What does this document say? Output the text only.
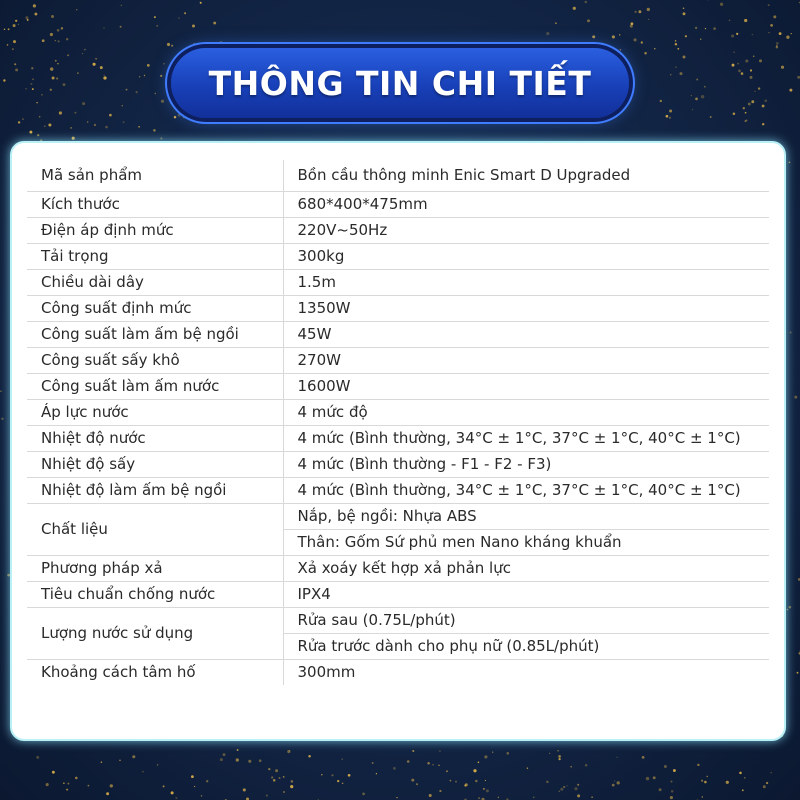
THÔNG TIN CHI TIẾT
Mã sản phẩm	Bồn cầu thông minh Enic Smart D Upgraded
Kích thước	680*400*475mm
Điện áp định mức	220V~50Hz
Tải trọng	300kg
Chiều dài dây	1.5m
Công suất định mức	1350W
Công suất làm ấm bệ ngồi	45W
Công suất sấy khô	270W
Công suất làm ấm nước	1600W
Áp lực nước	4 mức độ
Nhiệt độ nước	4 mức (Bình thường, 34°C ± 1°C, 37°C ± 1°C, 40°C ± 1°C)
Nhiệt độ sấy	4 mức (Bình thường - F1 - F2 - F3)
Nhiệt độ làm ấm bệ ngồi	4 mức (Bình thường, 34°C ± 1°C, 37°C ± 1°C, 40°C ± 1°C)
Chất liệu	Nắp, bệ ngồi: Nhựa ABS
	Thân: Gốm Sứ phủ men Nano kháng khuẩn
Phương pháp xả	Xả xoáy kết hợp xả phản lực
Tiêu chuẩn chống nước	IPX4
Lượng nước sử dụng	Rửa sau (0.75L/phút)
	Rửa trước dành cho phụ nữ (0.85L/phút)
Khoảng cách tâm hố	300mm
